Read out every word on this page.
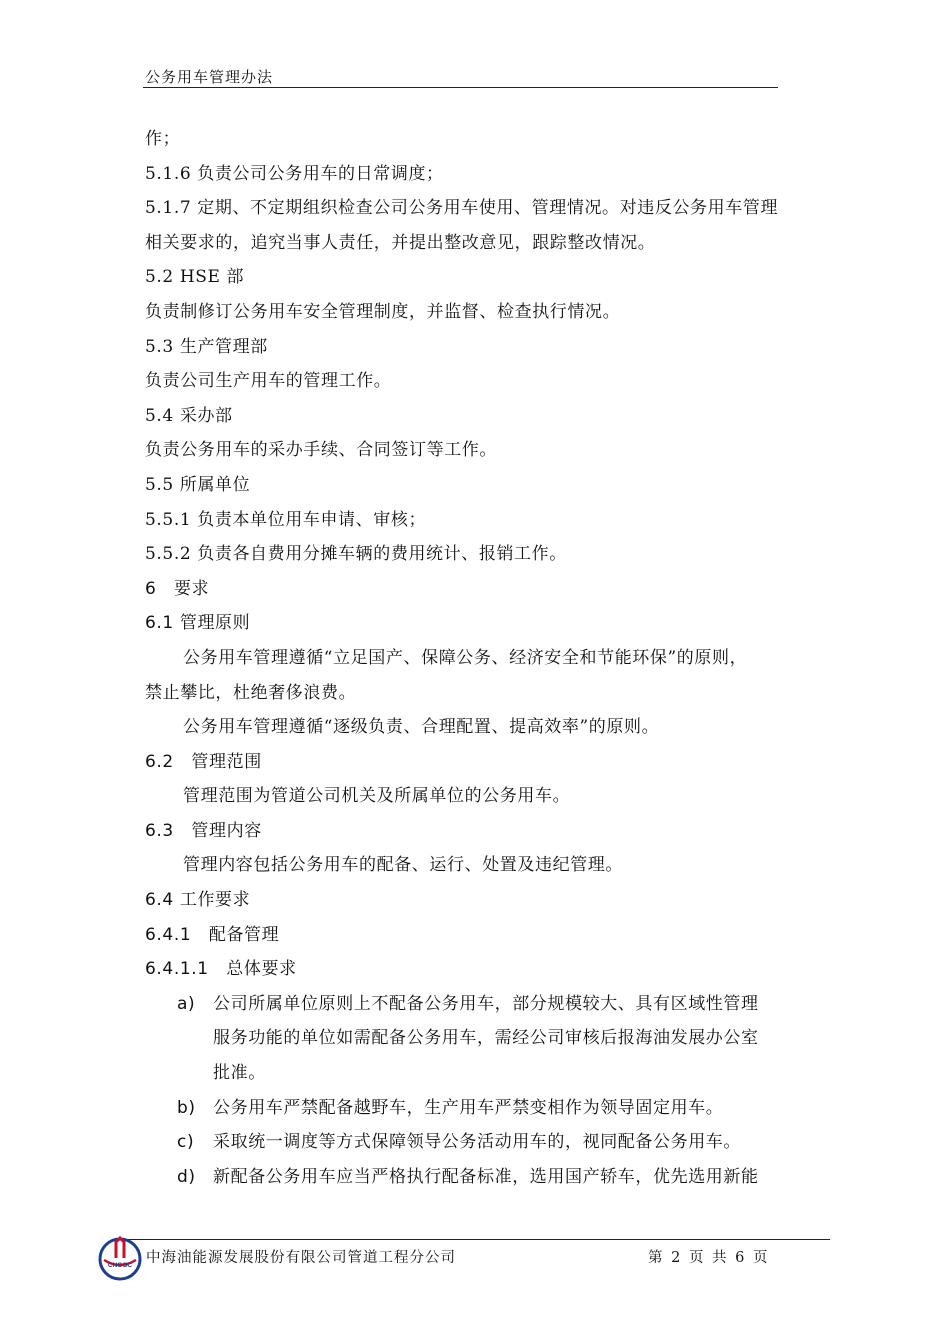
公务用车管理办法
作；
5.1.6 负责公司公务用车的日常调度；
5.1.7 定期、不定期组织检查公司公务用车使用、管理情况。对违反公务用车管理
相关要求的，追究当事人责任，并提出整改意见，跟踪整改情况。
5.2 HSE 部
负责制修订公务用车安全管理制度，并监督、检查执行情况。
5.3 生产管理部
负责公司生产用车的管理工作。
5.4 采办部
负责公务用车的采办手续、合同签订等工作。
5.5 所属单位
5.5.1 负责本单位用车申请、审核；
5.5.2 负责各自费用分摊车辆的费用统计、报销工作。
6　要求
6.1 管理原则
公务用车管理遵循“立足国产、保障公务、经济安全和节能环保”的原则，
禁止攀比，杜绝奢侈浪费。
公务用车管理遵循“逐级负责、合理配置、提高效率”的原则。
6.2　管理范围
管理范围为管道公司机关及所属单位的公务用车。
6.3　管理内容
管理内容包括公务用车的配备、运行、处置及违纪管理。
6.4 工作要求
6.4.1　配备管理
6.4.1.1　总体要求
a)	公司所属单位原则上不配备公务用车，部分规模较大、具有区域性管理
服务功能的单位如需配备公务用车，需经公司审核后报海油发展办公室
批准。
b)	公务用车严禁配备越野车，生产用车严禁变相作为领导固定用车。
c)	采取统一调度等方式保障领导公务活动用车的，视同配备公务用车。
d)	新配备公务用车应当严格执行配备标准，选用国产轿车，优先选用新能
CNOOC 中海油能源发展股份有限公司管道工程分公司	第 2 页 共 6 页
